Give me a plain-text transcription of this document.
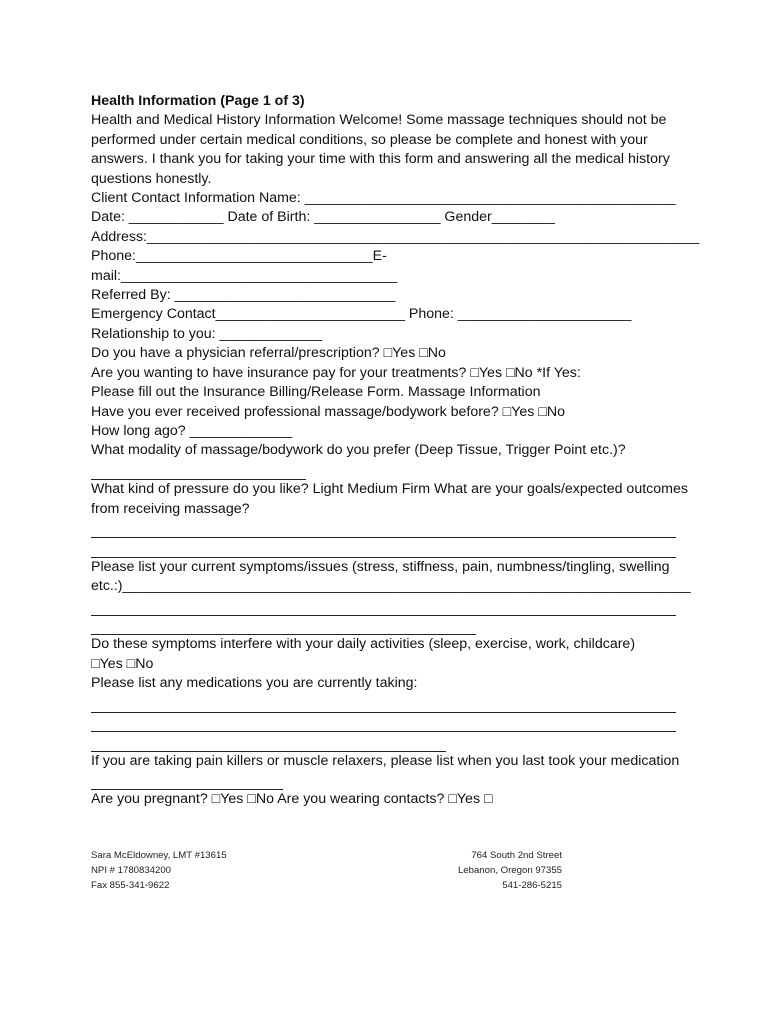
Health Information (Page 1 of 3)

Health and Medical History Information Welcome! Some massage techniques should not be

performed under certain medical conditions, so please be complete and honest with your

answers. I thank you for taking your time with this form and answering all the medical history

questions honestly.

Client Contact Information Name: _______________________________________________

Date: ____________ Date of Birth: ________________ Gender________

Address:______________________________________________________________________

Phone:______________________________E-mail:___________________________________

Referred By: ____________________________

Emergency Contact________________________ Phone: ______________________

Relationship to you: _____________

Do you have a physician referral/prescription? □Yes □No

Are you wanting to have insurance pay for your treatments? □Yes □No *If Yes:

Please fill out the Insurance Billing/Release Form. Massage Information

Have you ever received professional massage/bodywork before? □Yes □No

How long ago? _____________

What modality of massage/bodywork do you prefer (Deep Tissue, Trigger Point etc.)?

What kind of pressure do you like? Light Medium Firm What are your goals/expected outcomes

from receiving massage?

Please list your current symptoms/issues (stress, stiffness, pain, numbness/tingling, swelling

etc.:)________________________________________________________________________

Do these symptoms interfere with your daily activities (sleep, exercise, work, childcare)

□Yes □No

Please list any medications you are currently taking:

If you are taking pain killers or muscle relaxers, please list when you last took your medication

Are you pregnant? □Yes □No Are you wearing contacts? □Yes □

Sara McEldowney, LMT #13615
NPI # 1780834200
Fax 855-341-9622
764 South 2nd Street
Lebanon, Oregon 97355
541-286-5215
